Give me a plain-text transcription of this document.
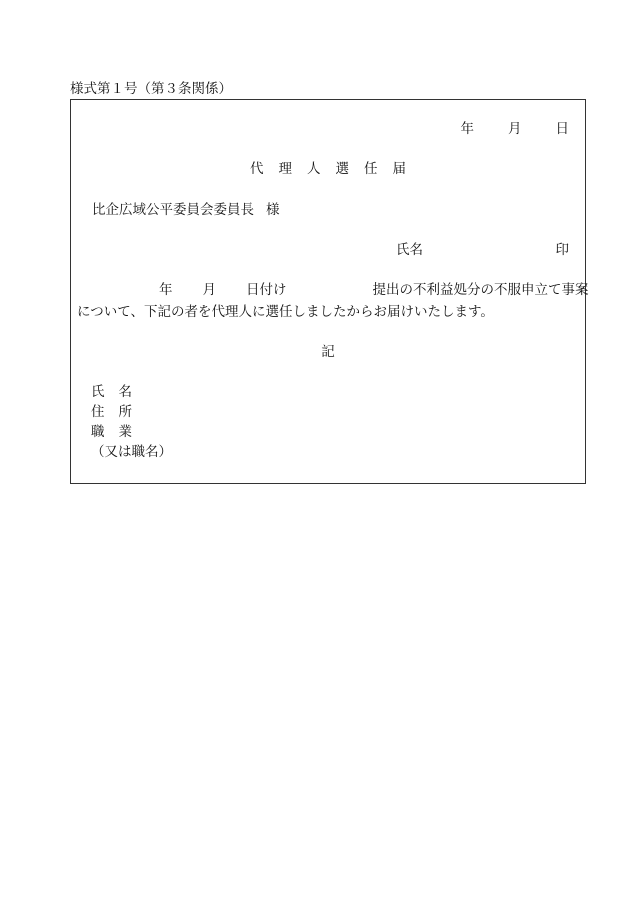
様式第１号（第３条関係）
年	月	日
代理人選任届
比企広域公平委員会委員長 様
氏名	印
年 月 日付け	提出の不利益処分の不服申立て事案
について、下記の者を代理人に選任しましたからお届けいたします。
記
氏 名
住 所
職 業
（又は職名）
